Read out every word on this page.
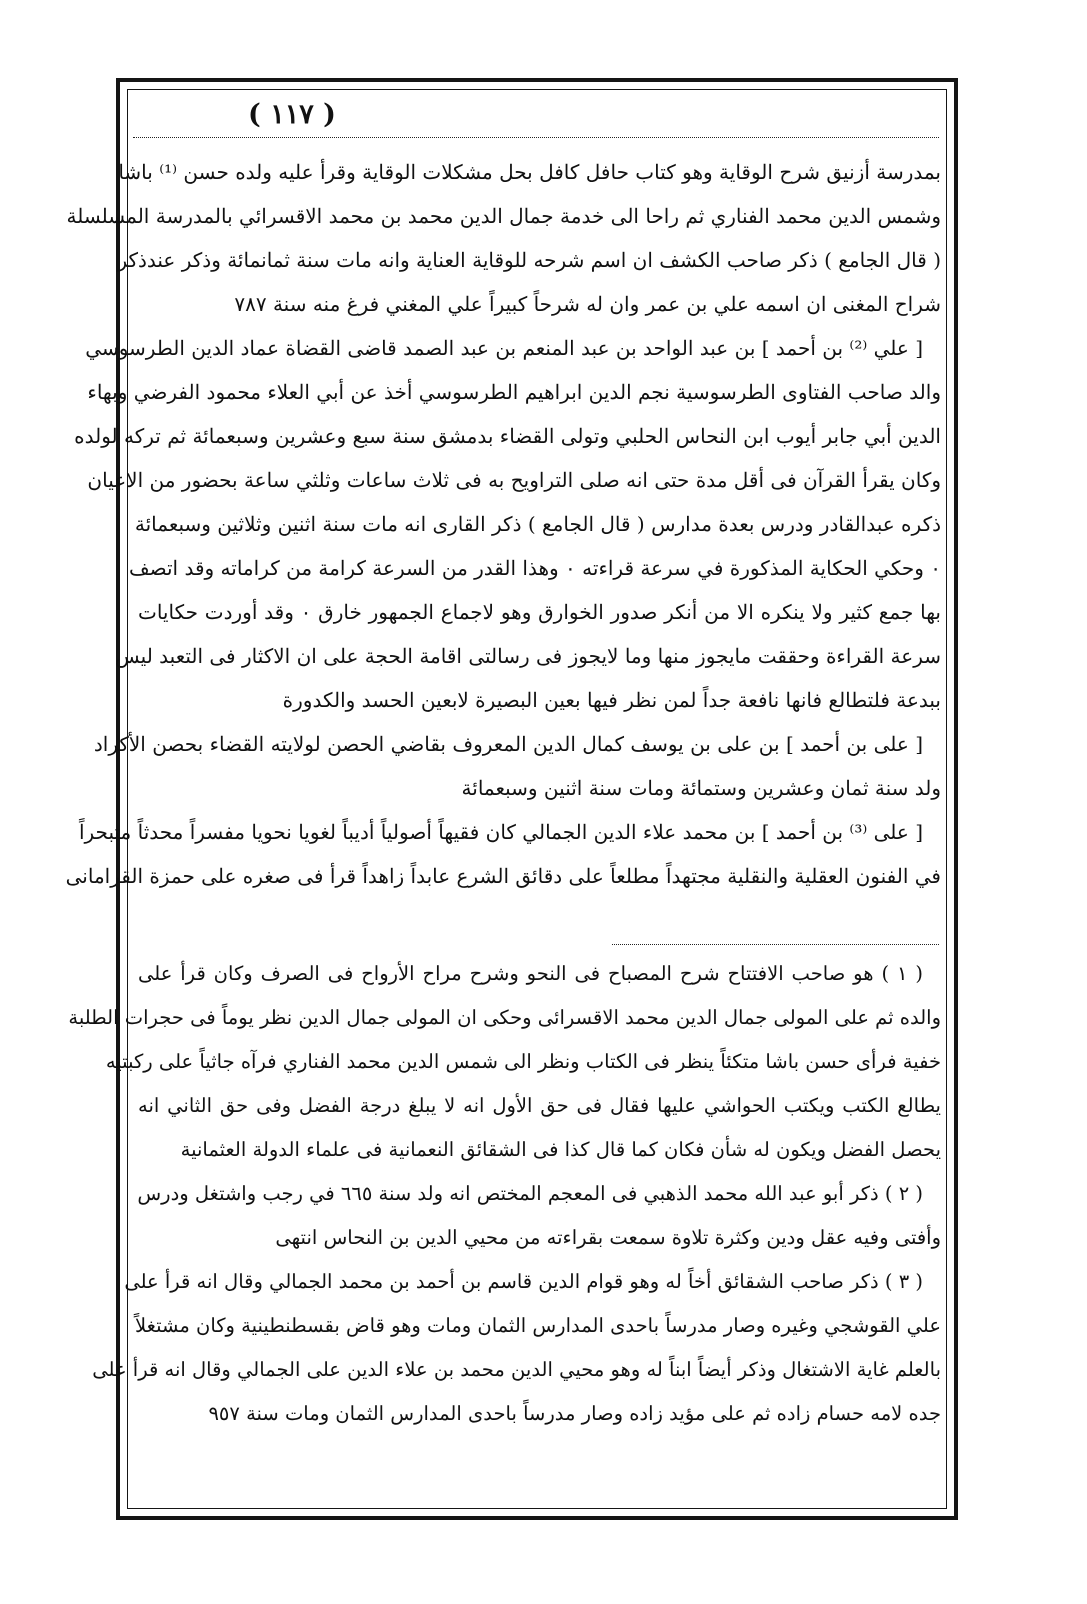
( ١١٧ )
بمدرسة أزنيق شرح الوقاية وهو كتاب حافل كافل بحل مشكلات الوقاية وقرأ عليه ولده حسن ⁽¹⁾ باشا
وشمس الدين محمد الفناري ثم راحا الى خدمة جمال الدين محمد بن محمد الاقسرائي بالمدرسة المسلسلة
( قال الجامع ) ذكر صاحب الكشف ان اسم شرحه للوقاية العناية وانه مات سنة ثمانمائة وذكر عندذكر
شراح المغنى ان اسمه علي بن عمر وان له شرحاً كبيراً علي المغني فرغ منه سنة ٧٨٧
[ علي ⁽²⁾ بن أحمد ] بن عبد الواحد بن عبد المنعم بن عبد الصمد قاضى القضاة عماد الدين الطرسوسي
والد صاحب الفتاوى الطرسوسية نجم الدين ابراهيم الطرسوسي أخذ عن أبي العلاء محمود الفرضي وبهاء
الدين أبي جابر أيوب ابن النحاس الحلبي وتولى القضاء بدمشق سنة سبع وعشرين وسبعمائة ثم تركه لولده
وكان يقرأ القرآن فى أقل مدة حتى انه صلى التراويح به فى ثلاث ساعات وثلثي ساعة بحضور من الاعيان
ذكره عبدالقادر ودرس بعدة مدارس ( قال الجامع ) ذكر القارى انه مات سنة اثنين وثلاثين وسبعمائة
٠ وحكي الحكاية المذكورة في سرعة قراءته ٠ وهذا القدر من السرعة كرامة من كراماته وقد اتصف
بها جمع كثير ولا ينكره الا من أنكر صدور الخوارق وهو لاجماع الجمهور خارق ٠ وقد أوردت حكايات
سرعة القراءة وحققت مايجوز منها وما لايجوز فى رسالتى اقامة الحجة على ان الاكثار فى التعبد ليس
ببدعة فلتطالع فانها نافعة جداً لمن نظر فيها بعين البصيرة لابعين الحسد والكدورة
[ على بن أحمد ] بن على بن يوسف كمال الدين المعروف بقاضي الحصن لولايته القضاء بحصن الأكراد
ولد سنة ثمان وعشرين وستمائة ومات سنة اثنين وسبعمائة
[ على ⁽³⁾ بن أحمد ] بن محمد علاء الدين الجمالي كان فقيهاً أصولياً أديباً لغويا نحويا مفسراً محدثاً متبحراً
في الفنون العقلية والنقلية مجتهداً مطلعاً على دقائق الشرع عابداً زاهداً قرأ فى صغره على حمزة القرامانى
( ١ ) هو صاحب الافتتاح شرح المصباح فى النحو وشرح مراح الأرواح فى الصرف وكان قرأ على
والده ثم على المولى جمال الدين محمد الاقسرائى وحكى ان المولى جمال الدين نظر يوماً فى حجرات الطلبة
خفية فرأى حسن باشا متكئاً ينظر فى الكتاب ونظر الى شمس الدين محمد الفناري فرآه جاثياً على ركبتيه
يطالع الكتب ويكتب الحواشي عليها فقال فى حق الأول انه لا يبلغ درجة الفضل وفى حق الثاني انه
يحصل الفضل ويكون له شأن فكان كما قال كذا فى الشقائق النعمانية فى علماء الدولة العثمانية
( ٢ ) ذكر أبو عبد الله محمد الذهبي فى المعجم المختص انه ولد سنة ٦٦٥ في رجب واشتغل ودرس
وأفتى وفيه عقل ودين وكثرة تلاوة سمعت بقراءته من محيي الدين بن النحاس انتهى
( ٣ ) ذكر صاحب الشقائق أخاً له وهو قوام الدين قاسم بن أحمد بن محمد الجمالي وقال انه قرأ على
علي القوشجي وغيره وصار مدرساً باحدى المدارس الثمان ومات وهو قاض بقسطنطينية وكان مشتغلاً
بالعلم غاية الاشتغال وذكر أيضاً ابناً له وهو محيي الدين محمد بن علاء الدين على الجمالي وقال انه قرأ على
جده لامه حسام زاده ثم على مؤيد زاده وصار مدرساً باحدى المدارس الثمان ومات سنة ٩٥٧
